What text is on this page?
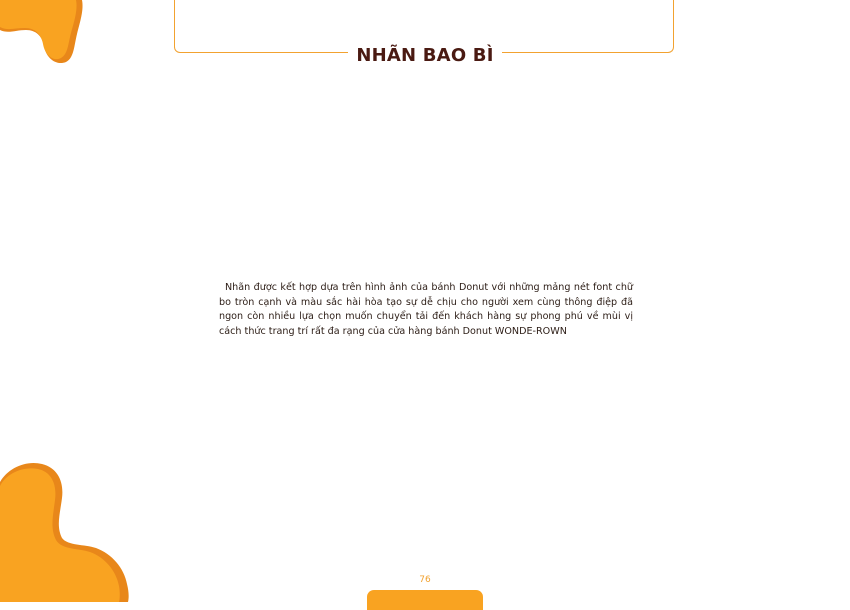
NHÃN BAO BÌ

Nhãn được kết hợp dựa trên hình ảnh của bánh Donut với những mảng nét font chữ bo tròn cạnh và màu sắc hài hòa tạo sự dễ chịu cho người xem cùng thông điệp đã ngon còn nhiều lựa chọn muốn chuyển tải đến khách hàng sự phong phú về mùi vị cách thức trang trí rất đa rạng của cửa hàng bánh Donut WONDE-ROWN

76
